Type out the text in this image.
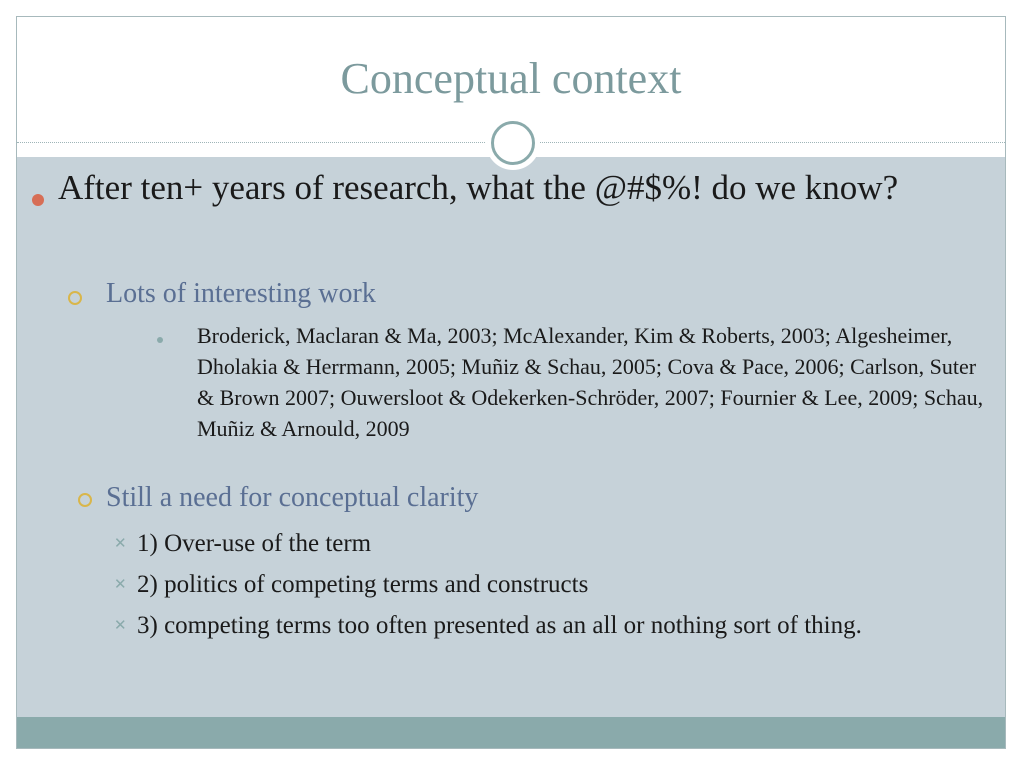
Conceptual context
After ten+ years of research, what the @#$%! do we know?
Lots of interesting work
Broderick, Maclaran & Ma, 2003; McAlexander, Kim & Roberts, 2003; Algesheimer, Dholakia & Herrmann, 2005; Muñiz & Schau, 2005; Cova & Pace, 2006; Carlson, Suter & Brown 2007; Ouwersloot & Odekerken-Schröder, 2007; Fournier & Lee, 2009; Schau, Muñiz & Arnould, 2009
Still a need for conceptual clarity
✕ 1) Over-use of the term
✕ 2) politics of competing terms and constructs
✕ 3) competing terms too often presented as an all or nothing sort of thing.
